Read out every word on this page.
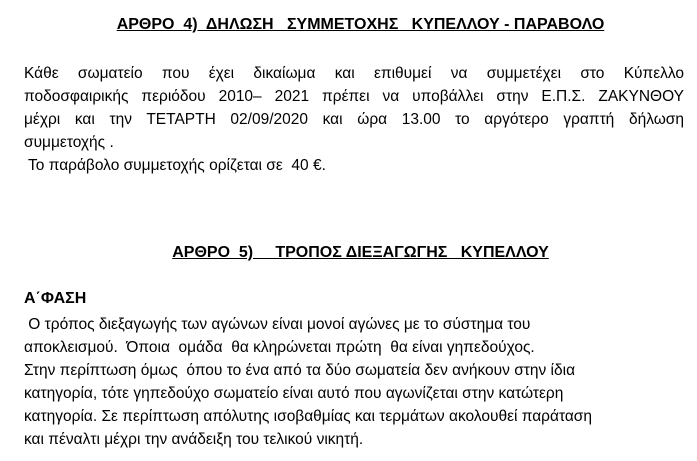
ΑΡΘΡΟ  4)  ΔΗΛΩΣΗ   ΣΥΜΜΕΤΟΧΗΣ   ΚΥΠΕΛΛΟΥ - ΠΑΡΑΒΟΛΟ
Κάθε σωματείο που έχει δικαίωμα και επιθυμεί να συμμετέχει στο Κύπελλο
ποδοσφαιρικής περιόδου 2010– 2021 πρέπει να υποβάλλει στην Ε.Π.Σ. ΖΑΚΥΝΘΟΥ
μέχρι και την ΤΕΤΑΡΤΗ 02/09/2020 και ώρα 13.00 το αργότερο γραπτή δήλωση
συμμετοχής .
Το παράβολο συμμετοχής ορίζεται σε  40 €.
ΑΡΘΡΟ  5)     ΤΡΟΠΟΣ ΔΙΕΞΑΓΩΓΗΣ   ΚΥΠΕΛΛΟΥ
Α΄ΦΑΣΗ
Ο τρόπος διεξαγωγής των αγώνων είναι μονοί αγώνες με το σύστημα του
αποκλεισμού.  Όποια  ομάδα  θα κληρώνεται πρώτη  θα είναι γηπεδούχος.
Στην περίπτωση όμως  όπου το ένα από τα δύο σωματεία δεν ανήκουν στην ίδια
κατηγορία, τότε γηπεδούχο σωματείο είναι αυτό που αγωνίζεται στην κατώτερη
κατηγορία. Σε περίπτωση απόλυτης ισοβαθμίας και τερμάτων ακολουθεί παράταση
και πέναλτι μέχρι την ανάδειξη του τελικού νικητή.
